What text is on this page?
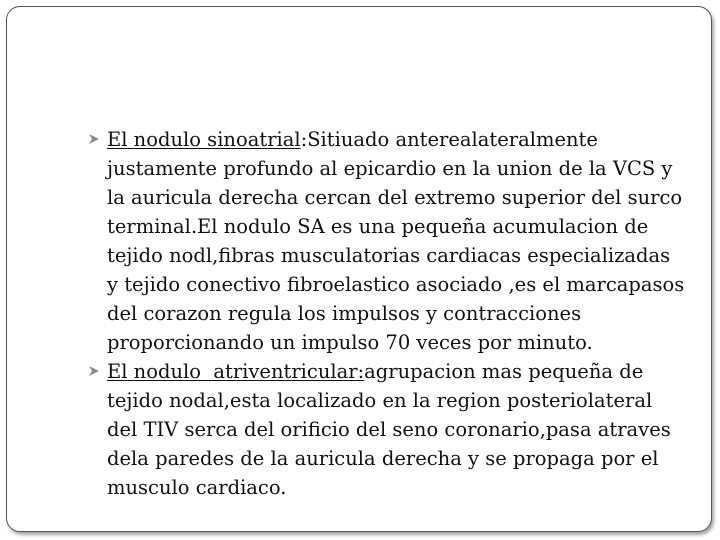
El nodulo sinoatrial:Sitiuado anterealateralmente justamente profundo al epicardio en la union de la VCS y la auricula derecha cercan del extremo superior del surco terminal.El nodulo SA es una pequeña acumulacion de tejido nodl,fibras musculatorias cardiacas especializadas y tejido conectivo fibroelastico asociado ,es el marcapasos del corazon regula los impulsos y contracciones proporcionando un impulso 70 veces por minuto.

El nodulo  atriventricular:agrupacion mas pequeña de tejido nodal,esta localizado en la region posteriolateral del TIV serca del orificio del seno coronario,pasa atraves dela paredes de la auricula derecha y se propaga por el musculo cardiaco.
